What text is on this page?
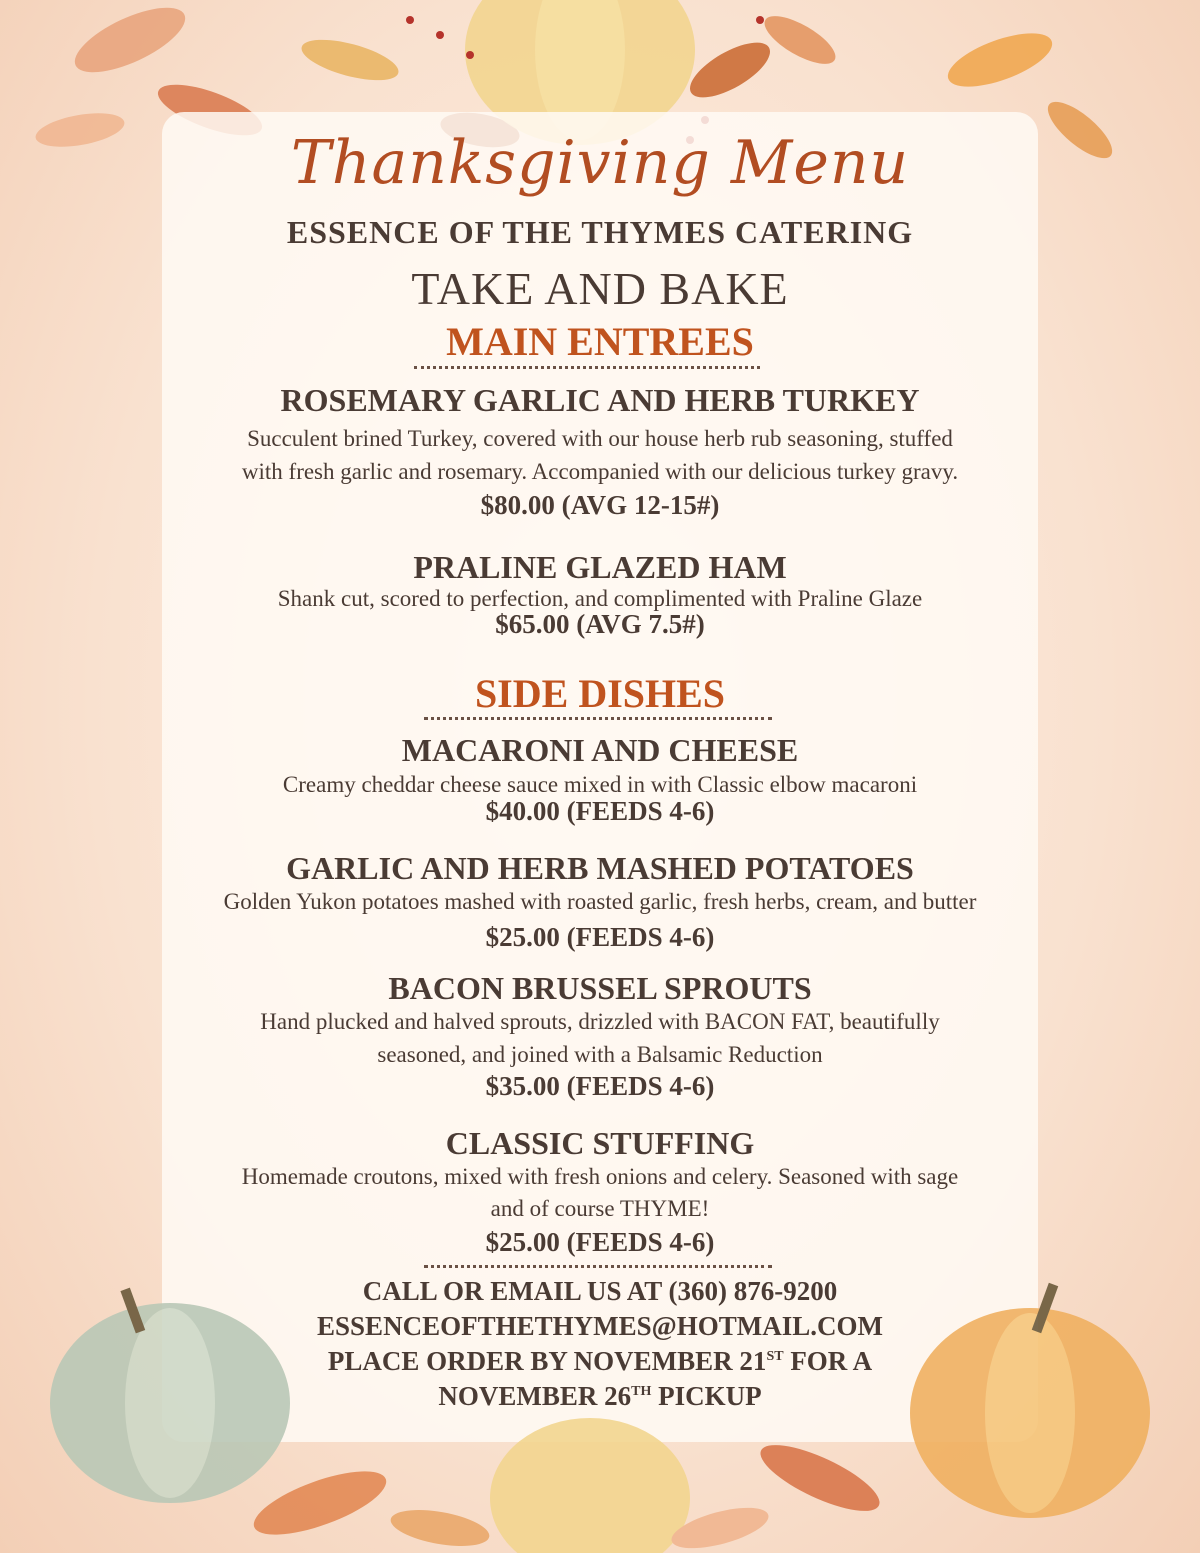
Thanksgiving Menu
ESSENCE OF THE THYMES CATERING
TAKE AND BAKE
MAIN ENTREES
ROSEMARY GARLIC AND HERB TURKEY
Succulent brined Turkey, covered with our house herb rub seasoning, stuffed
with fresh garlic and rosemary. Accompanied with our delicious turkey gravy.
$80.00 (AVG 12-15#)
PRALINE GLAZED HAM
Shank cut, scored to perfection, and complimented with Praline Glaze
$65.00 (AVG 7.5#)
SIDE DISHES
MACARONI AND CHEESE
Creamy cheddar cheese sauce mixed in with Classic elbow macaroni
$40.00 (FEEDS 4-6)
GARLIC AND HERB MASHED POTATOES
Golden Yukon potatoes mashed with roasted garlic, fresh herbs, cream, and butter
$25.00 (FEEDS 4-6)
BACON BRUSSEL SPROUTS
Hand plucked and halved sprouts, drizzled with BACON FAT, beautifully
seasoned, and joined with a Balsamic Reduction
$35.00 (FEEDS 4-6)
CLASSIC STUFFING
Homemade croutons, mixed with fresh onions and celery. Seasoned with sage
and of course THYME!
$25.00 (FEEDS 4-6)
CALL OR EMAIL US AT (360) 876-9200
ESSENCEOFTHETHYMES@HOTMAIL.COM
PLACE ORDER BY NOVEMBER 21ST FOR A
NOVEMBER 26TH PICKUP
